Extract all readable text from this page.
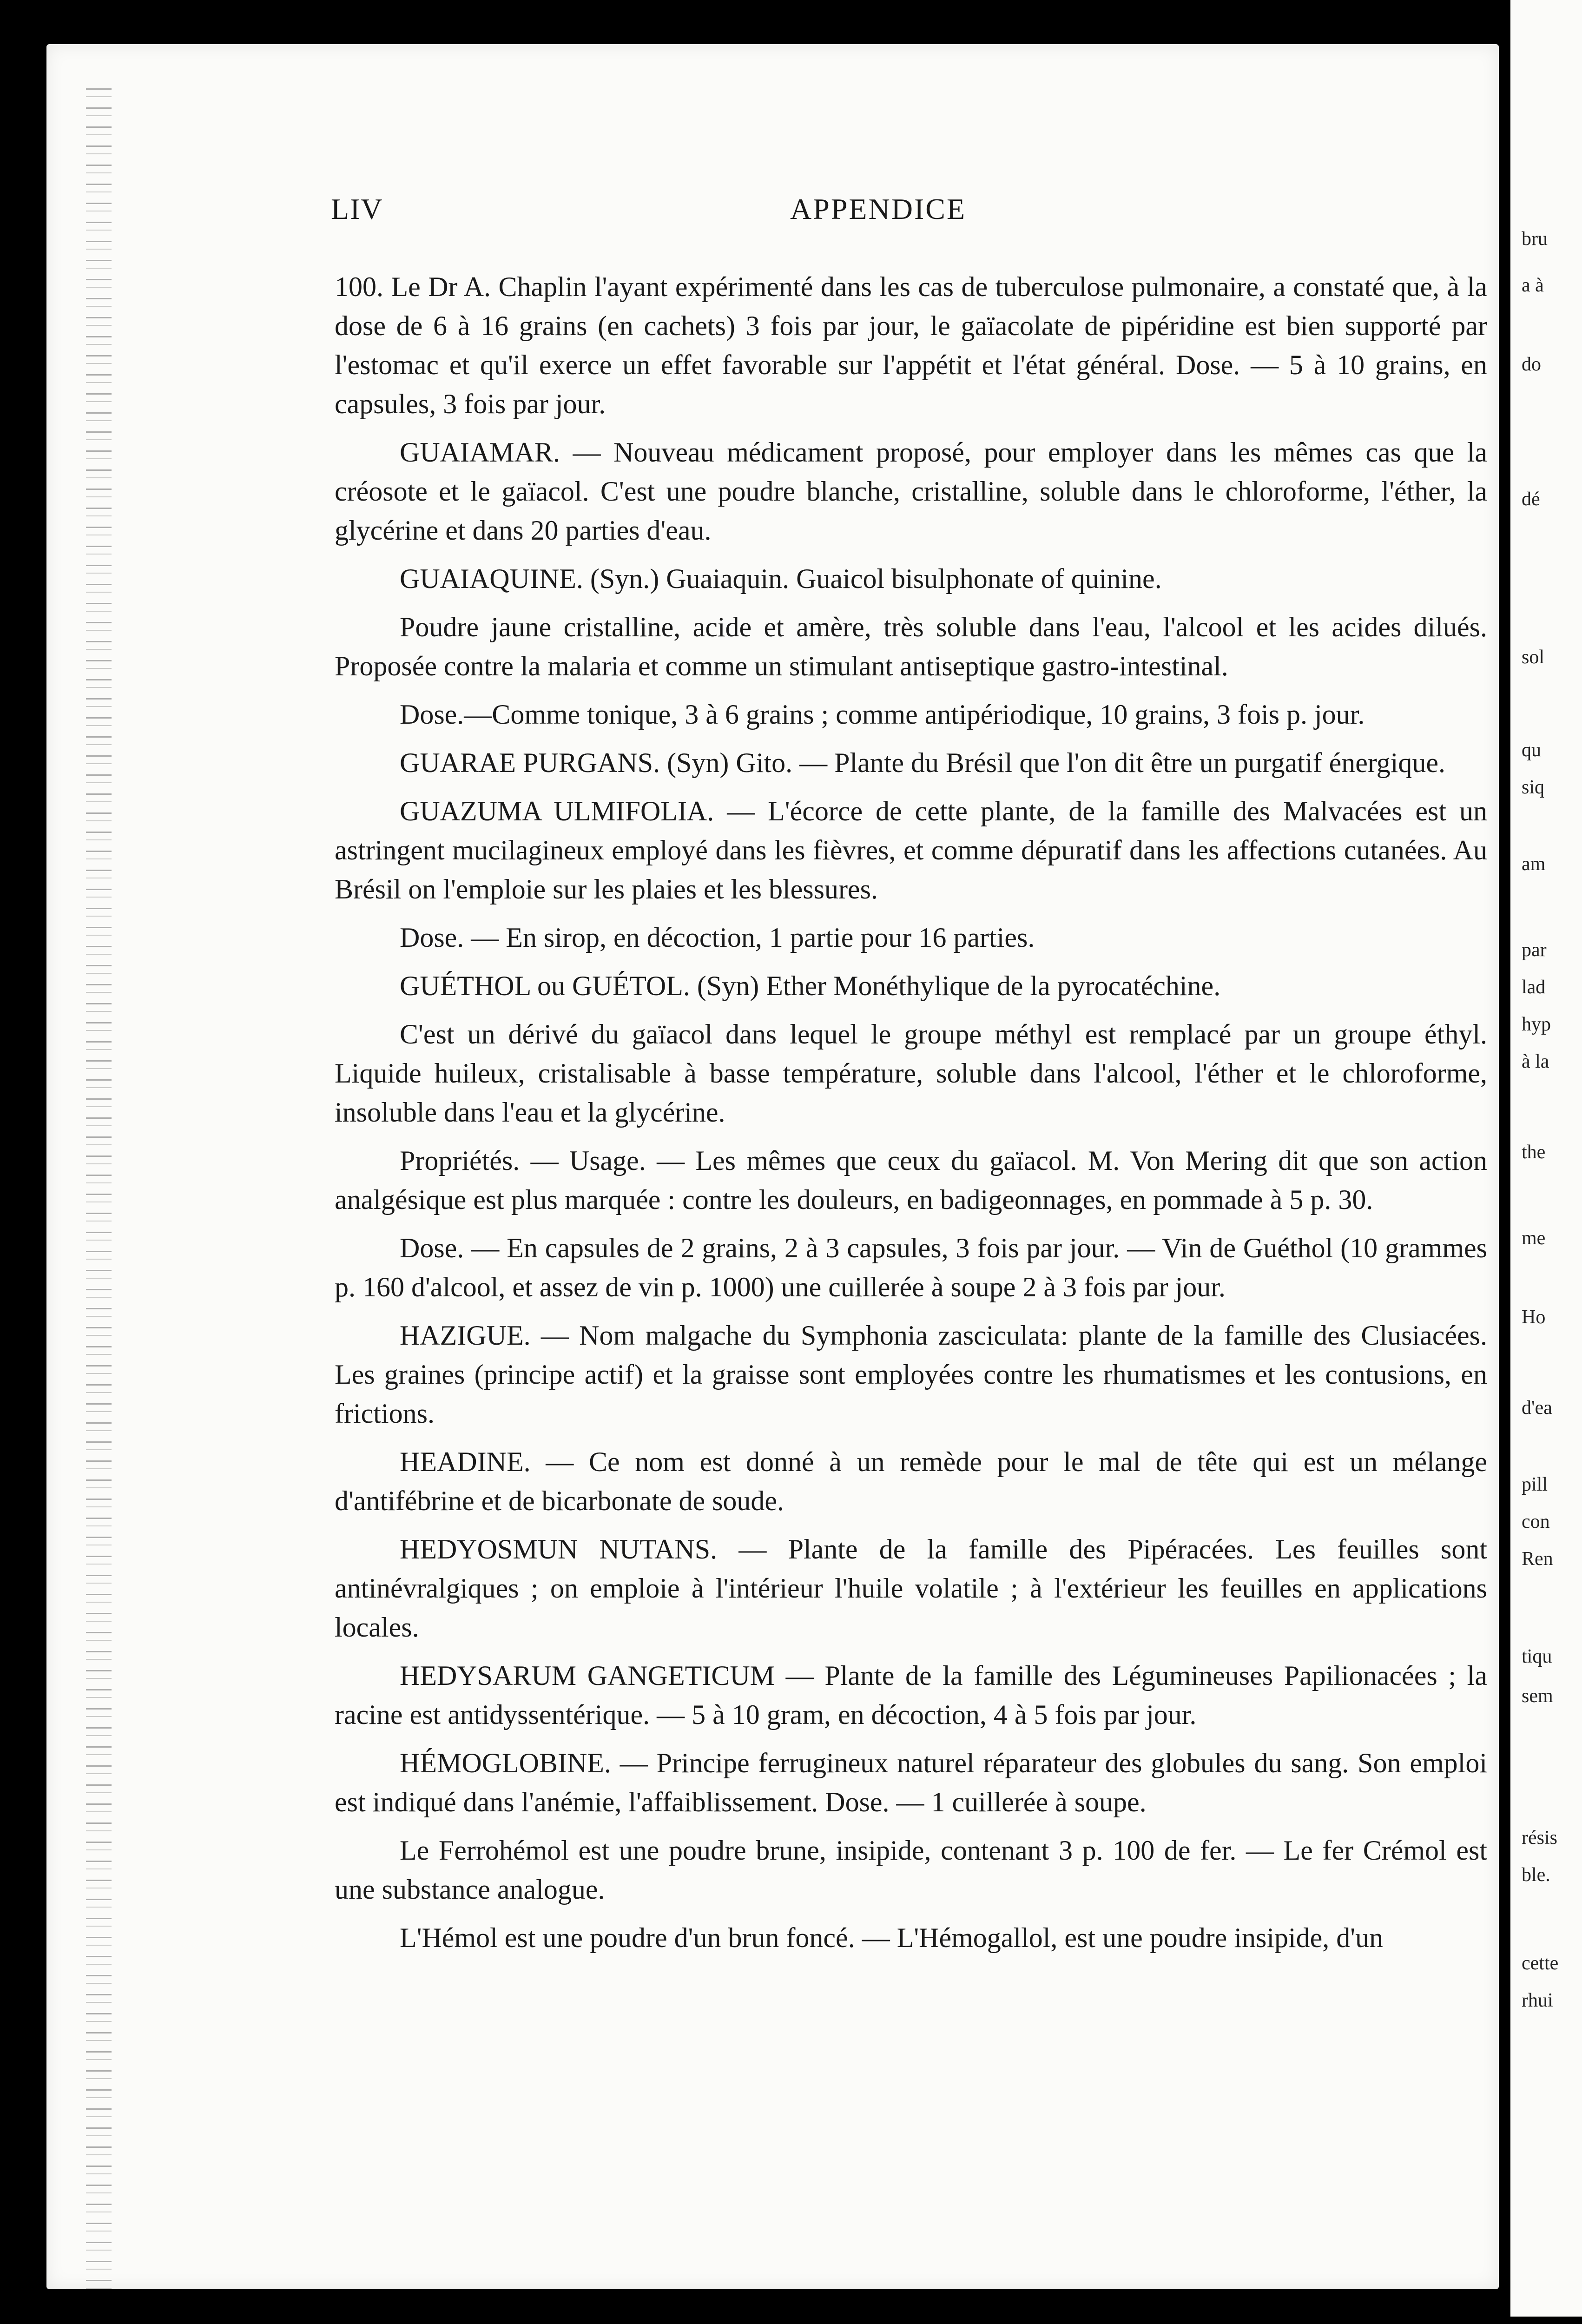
LIV	APPENDICE

100. Le Dr A. Chaplin l'ayant expérimenté dans les cas de tuberculose pulmonaire, a constaté que, à la dose de 6 à 16 grains (en cachets) 3 fois par jour, le gaïacolate de pipéridine est bien supporté par l'estomac et qu'il exerce un effet favorable sur l'appétit et l'état général. Dose. — 5 à 10 grains, en capsules, 3 fois par jour.

GUAIAMAR. — Nouveau médicament proposé, pour employer dans les mêmes cas que la créosote et le gaïacol. C'est une poudre blanche, cristalline, soluble dans le chloroforme, l'éther, la glycérine et dans 20 parties d'eau.

GUAIAQUINE. (Syn.) Guaiaquin. Guaicol bisulphonate of quinine.

Poudre jaune cristalline, acide et amère, très soluble dans l'eau, l'alcool et les acides dilués. Proposée contre la malaria et comme un stimulant antiseptique gastro-intestinal.

Dose.—Comme tonique, 3 à 6 grains ; comme antipériodique, 10 grains, 3 fois p. jour.

GUARAE PURGANS. (Syn) Gito. — Plante du Brésil que l'on dit être un purgatif énergique.

GUAZUMA ULMIFOLIA. — L'écorce de cette plante, de la famille des Malvacées est un astringent mucilagineux employé dans les fièvres, et comme dépuratif dans les affections cutanées. Au Brésil on l'emploie sur les plaies et les blessures.

Dose. — En sirop, en décoction, 1 partie pour 16 parties.

GUÉTHOL ou GUÉTOL. (Syn) Ether Monéthylique de la pyrocatéchine.

C'est un dérivé du gaïacol dans lequel le groupe méthyl est remplacé par un groupe éthyl. Liquide huileux, cristalisable à basse température, soluble dans l'alcool, l'éther et le chloroforme, insoluble dans l'eau et la glycérine.

Propriétés. — Usage. — Les mêmes que ceux du gaïacol. M. Von Mering dit que son action analgésique est plus marquée : contre les douleurs, en badigeonnages, en pommade à 5 p. 30.

Dose. — En capsules de 2 grains, 2 à 3 capsules, 3 fois par jour. — Vin de Guéthol (10 grammes p. 160 d'alcool, et assez de vin p. 1000) une cuillerée à soupe 2 à 3 fois par jour.

HAZIGUE. — Nom malgache du Symphonia zasciculata: plante de la famille des Clusiacées. Les graines (principe actif) et la graisse sont employées contre les rhumatismes et les contusions, en frictions.

HEADINE. — Ce nom est donné à un remède pour le mal de tête qui est un mélange d'antifébrine et de bicarbonate de soude.

HEDYOSMUN NUTANS. — Plante de la famille des Pipéracées. Les feuilles sont antinévralgiques ; on emploie à l'intérieur l'huile volatile ; à l'extérieur les feuilles en applications locales.

HEDYSARUM GANGETICUM — Plante de la famille des Légumineuses Papilionacées ; la racine est antidyssentérique. — 5 à 10 gram, en décoction, 4 à 5 fois par jour.

HÉMOGLOBINE. — Principe ferrugineux naturel réparateur des globules du sang. Son emploi est indiqué dans l'anémie, l'affaiblissement. Dose. — 1 cuillerée à soupe.

Le Ferrohémol est une poudre brune, insipide, contenant 3 p. 100 de fer. — Le fer Crémol est une substance analogue.

L'Hémol est une poudre d'un brun foncé. — L'Hémogallol, est une poudre insipide, d'un

bru
a à
do
dé
sol
qu
siq
am
par
lad
hyp
à la
the
me
Ho
d'ea
pill
con
Ren
tiqu
sem
résis
ble.
cette
rhui
